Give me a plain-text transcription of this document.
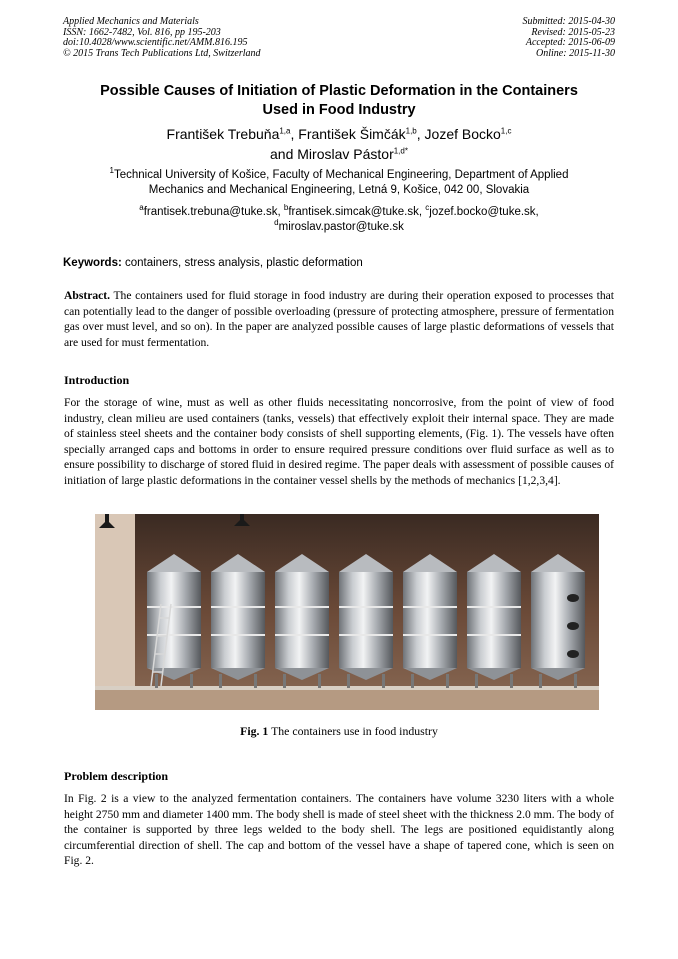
Applied Mechanics and Materials
ISSN: 1662-7482, Vol. 816, pp 195-203
doi:10.4028/www.scientific.net/AMM.816.195
© 2015 Trans Tech Publications Ltd, Switzerland
Submitted: 2015-04-30
Revised: 2015-05-23
Accepted: 2015-06-09
Online: 2015-11-30
Possible Causes of Initiation of Plastic Deformation in the Containers
Used in Food Industry
František Trebuňa$^{1,a}$, František Šimčák$^{1,b}$, Jozef Bocko$^{1,c}$
and Miroslav Pástor$^{1,d*}$
$^1$Technical University of Košice, Faculty of Mechanical Engineering, Department of Applied
Mechanics and Mechanical Engineering, Letná 9, Košice, 042 00, Slovakia
$^a$frantisek.trebuna@tuke.sk, $^b$frantisek.simcak@tuke.sk, $^c$jozef.bocko@tuke.sk,
$^d$miroslav.pastor@tuke.sk
Keywords: containers, stress analysis, plastic deformation
Abstract. The containers used for fluid storage in food industry are during their operation exposed to processes that can potentially lead to the danger of possible overloading (pressure of protecting atmosphere, pressure of fermentation gas over must level, and so on). In the paper are analyzed possible causes of large plastic deformations of vessels that are used for must fermentation.
Introduction
For the storage of wine, must as well as other fluids necessitating noncorrosive, from the point of view of food industry, clean milieu are used containers (tanks, vessels) that effectively exploit their internal space. They are made of stainless steel sheets and the container body consists of shell supporting elements, (Fig. 1). The vessels have often specially arranged caps and bottoms in order to ensure required pressure conditions over fluid surface as well as to ensure possibility to discharge of stored fluid in desired regime. The paper deals with assessment of possible causes of initiation of large plastic deformations in the container vessel shells by the methods of mechanics [1,2,3,4].
Fig. 1 The containers use in food industry
Problem description
In Fig. 2 is a view to the analyzed fermentation containers. The containers have volume 3230 liters with a whole height 2750 mm and diameter 1400 mm. The body shell is made of steel sheet with the thickness 2.0 mm. The body of the container is supported by three legs welded to the body shell. The legs are positioned equidistantly along circumferential direction of shell. The cap and bottom of the vessel have a shape of tapered cone, which is seen on Fig. 2.
